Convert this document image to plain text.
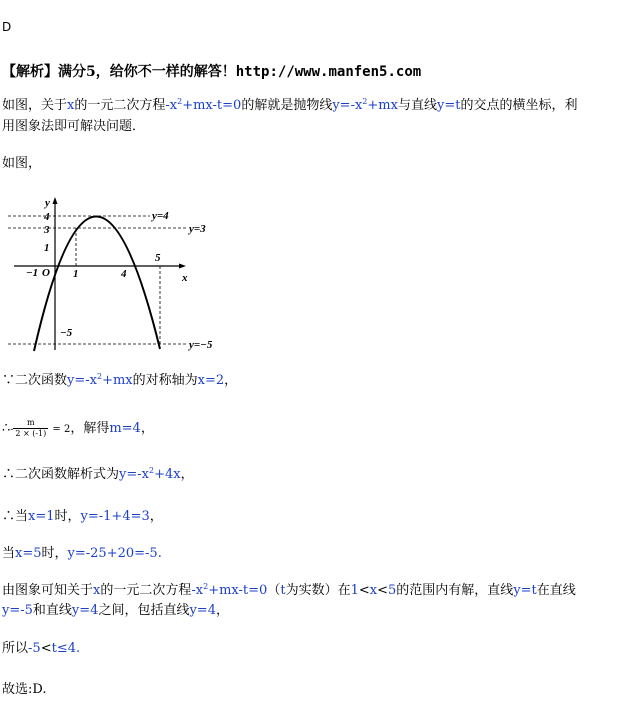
D
【解析】满分5，给你不一样的解答！http://www.manfen5.com
如图，关于x的一元二次方程$-x^2+mx-t=0$的解就是抛物线$y=-x^2+mx$与直线y=t的交点的横坐标，利
用图象法即可解决问题．
如图，
y
x
O
4
3
1
−1	1	4
5
−5
y=4
y=3
y=−5
∵二次函数$y=-x^2+mx$的对称轴为x=2，
∴- $\frac{m}{2 \times (-1)} = 2$，解得m=4，
∴二次函数解析式为$y=-x^2+4x$，
∴当x=1时，y=-1+4=3，
当x=5时，y=-25+20=-5.
由图象可知关于x的一元二次方程$-x^2+mx-t=0(t$为实数）在1<x<5的范围内有解，直线y=t在直线
y=-5和直线y=4之间，包括直线y=4，
所以-5<t≤4.
故选:D.
